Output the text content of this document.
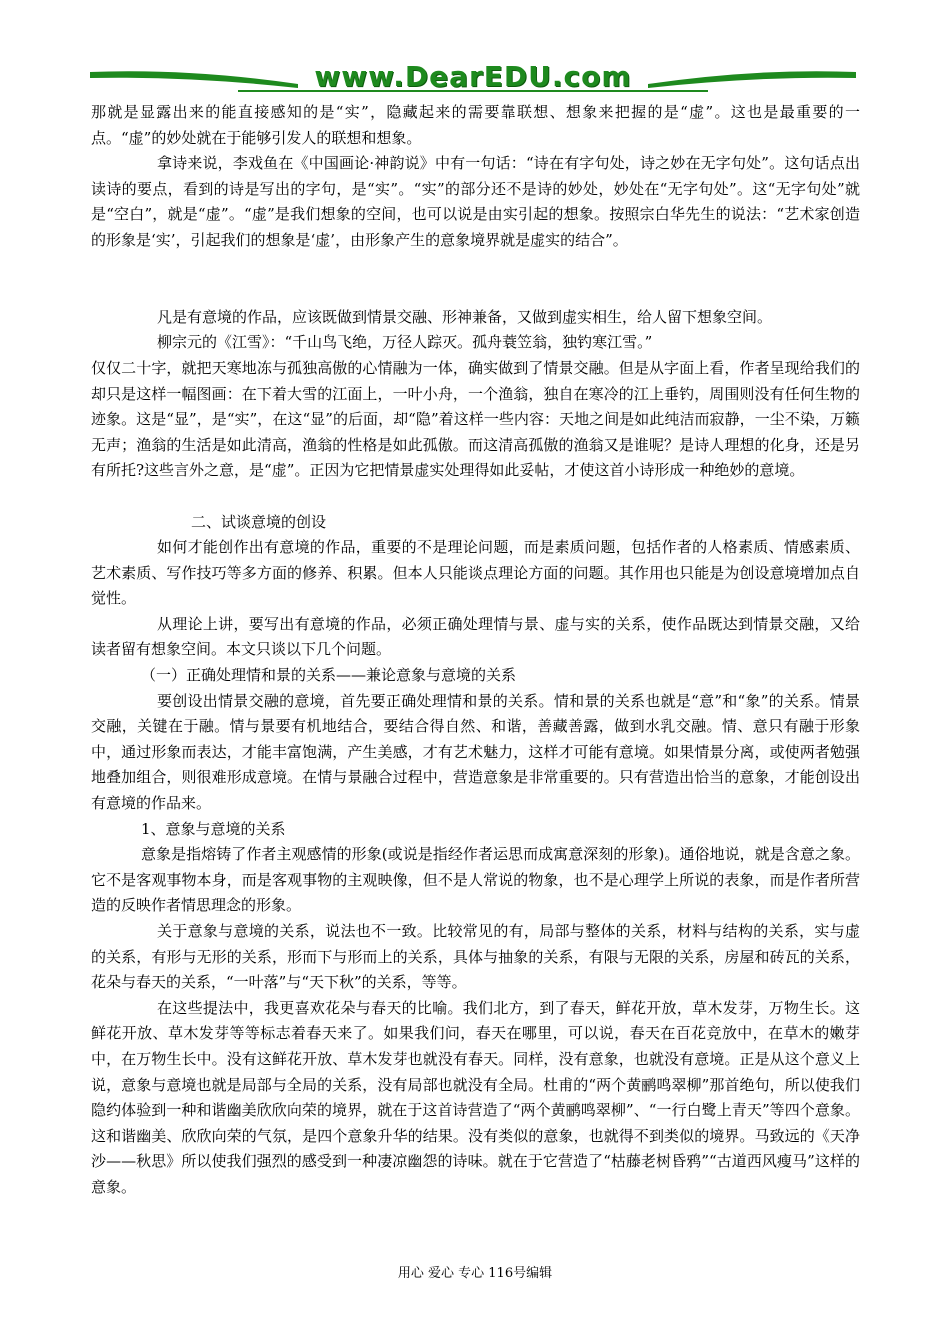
www.DearEDU.com

那就是显露出来的能直接感知的是“实”，隐藏起来的需要靠联想、想象来把握的是“虚”。这也是最重要的一点。“虚”的妙处就在于能够引发人的联想和想象。

拿诗来说，李戏鱼在《中国画论·神韵说》中有一句话：“诗在有字句处，诗之妙在无字句处”。这句话点出读诗的要点，看到的诗是写出的字句，是“实”。“实”的部分还不是诗的妙处，妙处在“无字句处”。这“无字句处”就是“空白”，就是“虚”。“虚”是我们想象的空间，也可以说是由实引起的想象。按照宗白华先生的说法：“艺术家创造的形象是‘实’，引起我们的想象是‘虚’，由形象产生的意象境界就是虚实的结合”。

凡是有意境的作品，应该既做到情景交融、形神兼备，又做到虚实相生，给人留下想象空间。

柳宗元的《江雪》：“千山鸟飞绝，万径人踪灭。孤舟蓑笠翁，独钓寒江雪。”

仅仅二十字，就把天寒地冻与孤独高傲的心情融为一体，确实做到了情景交融。但是从字面上看，作者呈现给我们的却只是这样一幅图画：在下着大雪的江面上，一叶小舟，一个渔翁，独自在寒冷的江上垂钓，周围则没有任何生物的迹象。这是“显”，是“实”，在这“显”的后面，却“隐”着这样一些内容：天地之间是如此纯洁而寂静，一尘不染，万籁无声；渔翁的生活是如此清高，渔翁的性格是如此孤傲。而这清高孤傲的渔翁又是谁呢？是诗人理想的化身，还是另有所托?这些言外之意，是“虚”。正因为它把情景虚实处理得如此妥帖，才使这首小诗形成一种绝妙的意境。

二、试谈意境的创设

如何才能创作出有意境的作品，重要的不是理论问题，而是素质问题，包括作者的人格素质、情感素质、艺术素质、写作技巧等多方面的修养、积累。但本人只能谈点理论方面的问题。其作用也只能是为创设意境增加点自觉性。

从理论上讲，要写出有意境的作品，必须正确处理情与景、虚与实的关系，使作品既达到情景交融，又给读者留有想象空间。本文只谈以下几个问题。

（一）正确处理情和景的关系——兼论意象与意境的关系

要创设出情景交融的意境，首先要正确处理情和景的关系。情和景的关系也就是“意”和“象”的关系。情景交融，关键在于融。情与景要有机地结合，要结合得自然、和谐，善藏善露，做到水乳交融。情、意只有融于形象中，通过形象而表达，才能丰富饱满，产生美感，才有艺术魅力，这样才可能有意境。如果情景分离，或使两者勉强地叠加组合，则很难形成意境。在情与景融合过程中，营造意象是非常重要的。只有营造出恰当的意象，才能创设出有意境的作品来。

1、意象与意境的关系

意象是指熔铸了作者主观感情的形象(或说是指经作者运思而成寓意深刻的形象)。通俗地说，就是含意之象。它不是客观事物本身，而是客观事物的主观映像，但不是人常说的物象，也不是心理学上所说的表象，而是作者所营造的反映作者情思理念的形象。

关于意象与意境的关系，说法也不一致。比较常见的有，局部与整体的关系，材料与结构的关系，实与虚的关系，有形与无形的关系，形而下与形而上的关系，具体与抽象的关系，有限与无限的关系，房屋和砖瓦的关系，花朵与春天的关系，“一叶落”与“天下秋”的关系，等等。

在这些提法中，我更喜欢花朵与春天的比喻。我们北方，到了春天，鲜花开放，草木发芽，万物生长。这鲜花开放、草木发芽等等标志着春天来了。如果我们问，春天在哪里，可以说，春天在百花竞放中，在草木的嫩芽中，在万物生长中。没有这鲜花开放、草木发芽也就没有春天。同样，没有意象，也就没有意境。正是从这个意义上说，意象与意境也就是局部与全局的关系，没有局部也就没有全局。杜甫的“两个黄鹂鸣翠柳”那首绝句，所以使我们隐约体验到一种和谐幽美欣欣向荣的境界，就在于这首诗营造了“两个黄鹂鸣翠柳”、“一行白鹭上青天”等四个意象。这和谐幽美、欣欣向荣的气氛，是四个意象升华的结果。没有类似的意象，也就得不到类似的境界。马致远的《天净沙——秋思》所以使我们强烈的感受到一种凄凉幽怨的诗味。就在于它营造了“枯藤老树昏鸦”“古道西风瘦马”这样的意象。

用心 爱心 专心 116号编辑
